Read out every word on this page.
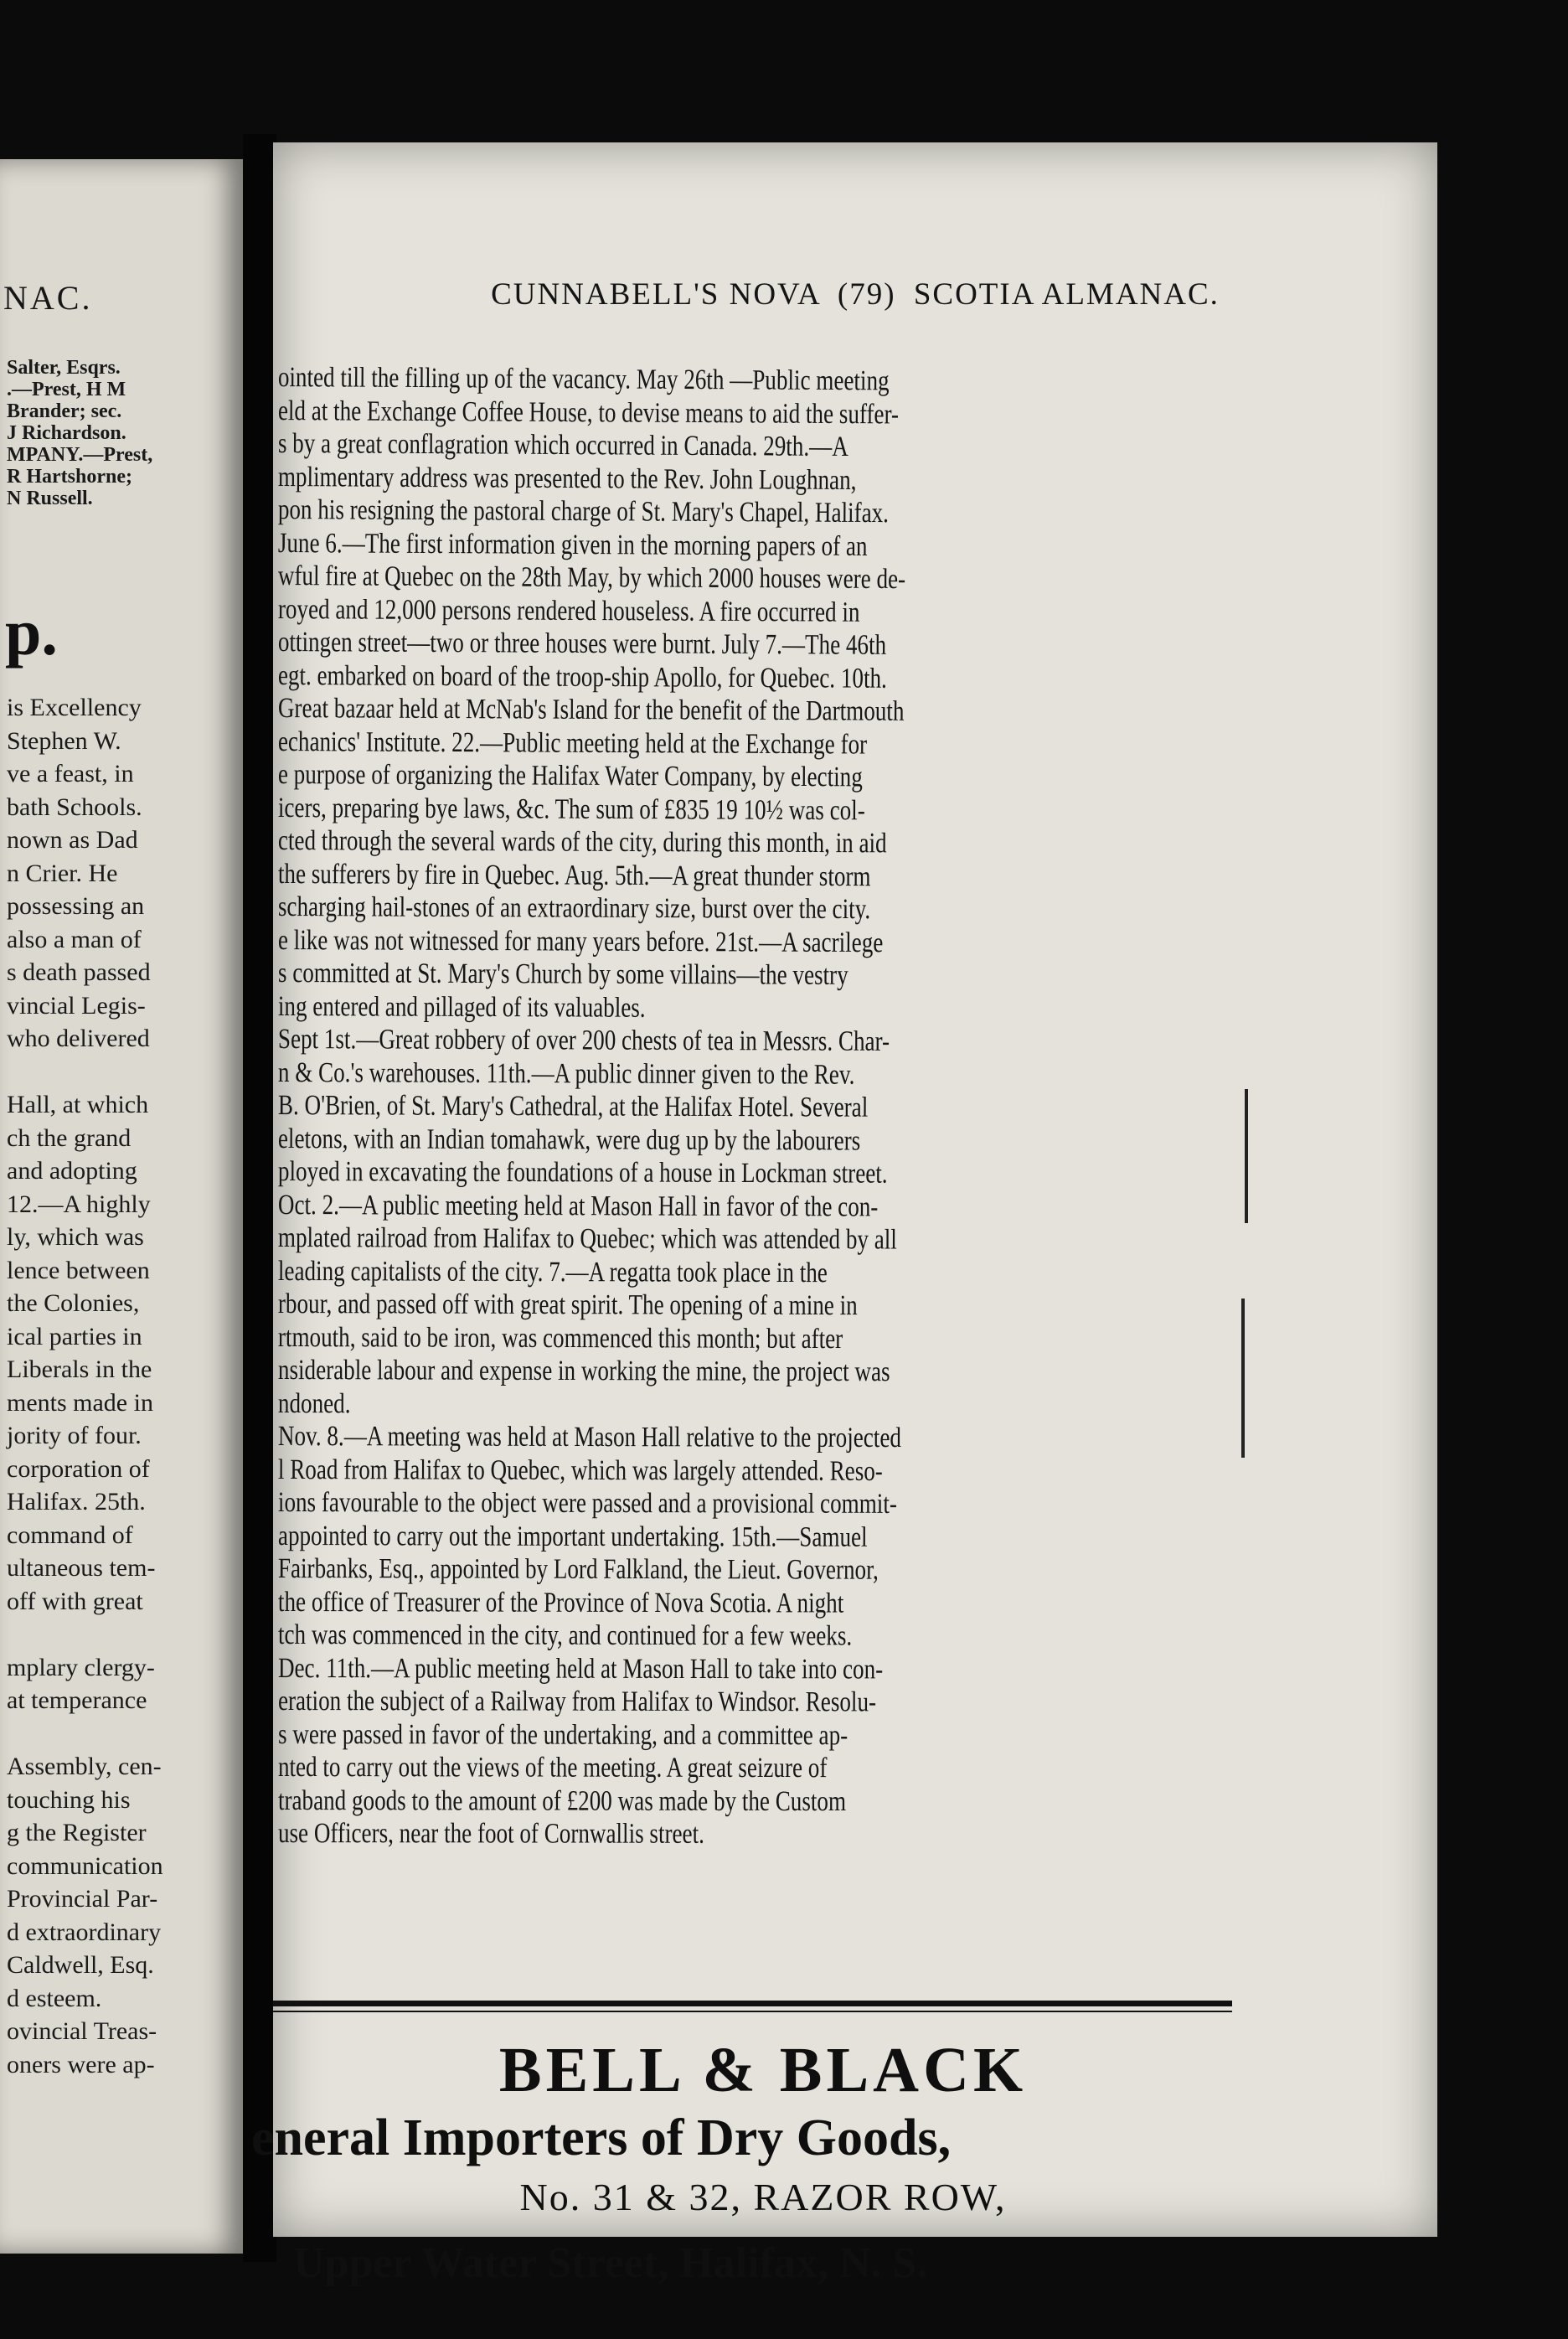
NAC.
p.
Salter, Esqrs.
.—Prest, H M
Brander; sec.
J Richardson.
MPANY.—Prest,
R Hartshorne;
N Russell.
is Excellency
Stephen W.
ve a feast, in
bath Schools.
nown as Dad
n Crier. He
possessing an
also a man of
s death passed
vincial Legis-
who delivered
Hall, at which
ch the grand
and adopting
12.—A highly
ly, which was
lence between
the Colonies,
ical parties in
Liberals in the
ments made in
jority of four.
corporation of
Halifax. 25th.
command of
ultaneous tem-
off with great
mplary clergy-
at temperance
Assembly, cen-
touching his
g the Register
communication
Provincial Par-
d extraordinary
Caldwell, Esq.
d esteem.
ovincial Treas-
oners were ap-
CUNNABELL'S NOVA (79) SCOTIA ALMANAC.
ointed till the filling up of the vacancy. May 26th —Public meeting
eld at the Exchange Coffee House, to devise means to aid the suffer-
s by a great conflagration which occurred in Canada. 29th.—A
mplimentary address was presented to the Rev. John Loughnan,
pon his resigning the pastoral charge of St. Mary's Chapel, Halifax.
June 6.—The first information given in the morning papers of an
wful fire at Quebec on the 28th May, by which 2000 houses were de-
royed and 12,000 persons rendered houseless. A fire occurred in
ottingen street—two or three houses were burnt. July 7.—The 46th
egt. embarked on board of the troop-ship Apollo, for Quebec. 10th.
Great bazaar held at McNab's Island for the benefit of the Dartmouth
echanics' Institute. 22.—Public meeting held at the Exchange for
e purpose of organizing the Halifax Water Company, by electing
icers, preparing bye laws, &c. The sum of £835 19 10½ was col-
cted through the several wards of the city, during this month, in aid
the sufferers by fire in Quebec. Aug. 5th.—A great thunder storm
scharging hail-stones of an extraordinary size, burst over the city.
e like was not witnessed for many years before. 21st.—A sacrilege
s committed at St. Mary's Church by some villains—the vestry
ing entered and pillaged of its valuables.
Sept 1st.—Great robbery of over 200 chests of tea in Messrs. Char-
n & Co.'s warehouses. 11th.—A public dinner given to the Rev.
B. O'Brien, of St. Mary's Cathedral, at the Halifax Hotel. Several
eletons, with an Indian tomahawk, were dug up by the labourers
ployed in excavating the foundations of a house in Lockman street.
Oct. 2.—A public meeting held at Mason Hall in favor of the con-
mplated railroad from Halifax to Quebec; which was attended by all
leading capitalists of the city. 7.—A regatta took place in the
rbour, and passed off with great spirit. The opening of a mine in
rtmouth, said to be iron, was commenced this month; but after
nsiderable labour and expense in working the mine, the project was
ndoned.
Nov. 8.—A meeting was held at Mason Hall relative to the projected
l Road from Halifax to Quebec, which was largely attended. Reso-
ions favourable to the object were passed and a provisional commit-
appointed to carry out the important undertaking. 15th.—Samuel
Fairbanks, Esq., appointed by Lord Falkland, the Lieut. Governor,
the office of Treasurer of the Province of Nova Scotia. A night
tch was commenced in the city, and continued for a few weeks.
Dec. 11th.—A public meeting held at Mason Hall to take into con-
eration the subject of a Railway from Halifax to Windsor. Resolu-
s were passed in favor of the undertaking, and a committee ap-
nted to carry out the views of the meeting. A great seizure of
traband goods to the amount of £200 was made by the Custom
use Officers, near the foot of Cornwallis street.
BELL & BLACK
eneral Importers of Dry Goods,
No. 31 & 32, RAZOR ROW,
Upper Water Street, Halifax, N. S.
